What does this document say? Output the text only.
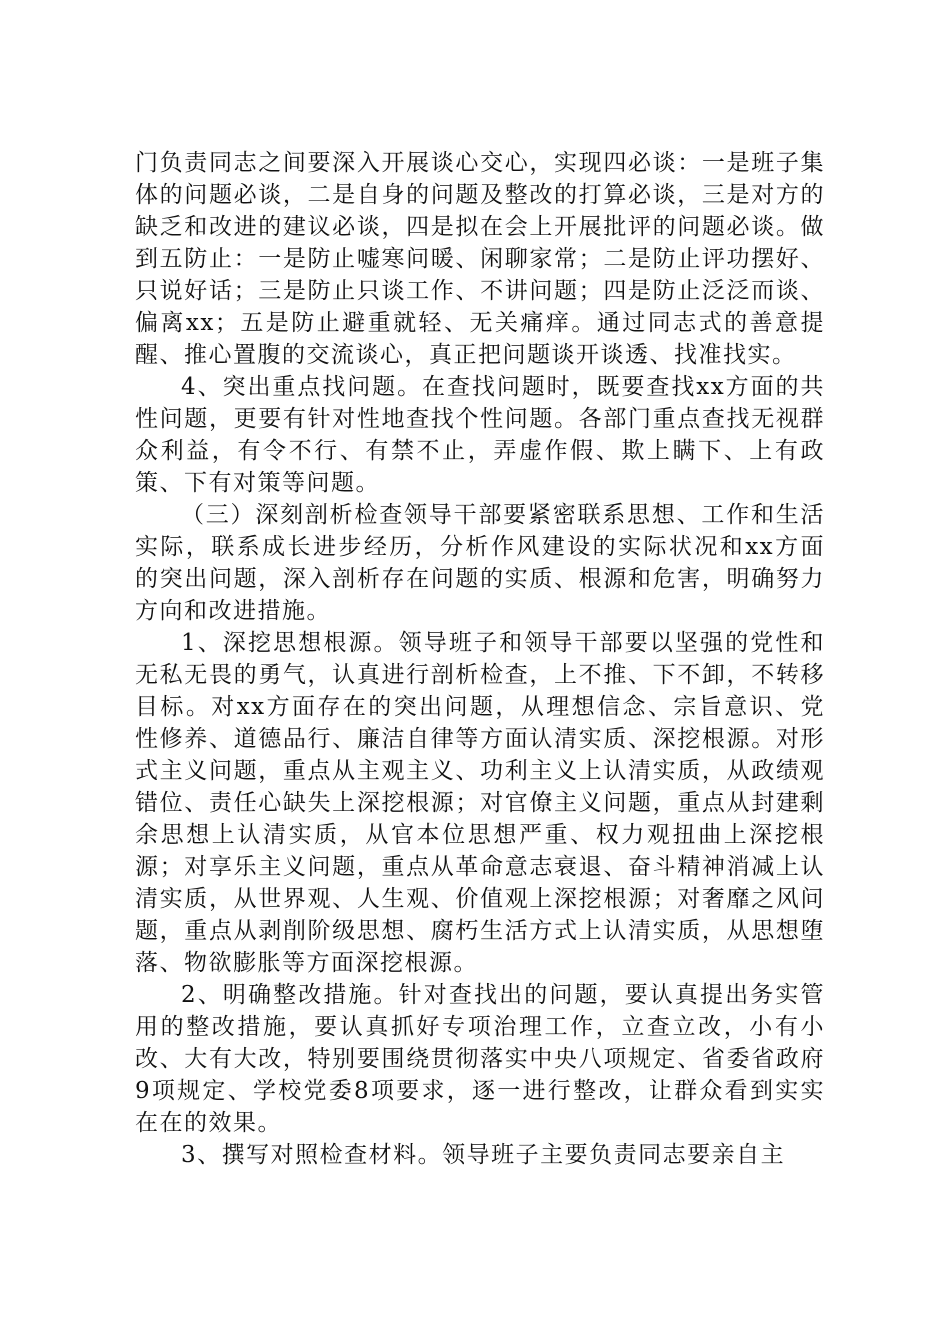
门负责同志之间要深入开展谈心交心，实现四必谈：一是班子集体的问题必谈，二是自身的问题及整改的打算必谈，三是对方的缺乏和改进的建议必谈，四是拟在会上开展批评的问题必谈。做到五防止：一是防止嘘寒问暖、闲聊家常；二是防止评功摆好、只说好话；三是防止只谈工作、不讲问题；四是防止泛泛而谈、偏离xx；五是防止避重就轻、无关痛痒。通过同志式的善意提醒、推心置腹的交流谈心，真正把问题谈开谈透、找准找实。

4、突出重点找问题。在查找问题时，既要查找xx方面的共性问题，更要有针对性地查找个性问题。各部门重点查找无视群众利益，有令不行、有禁不止，弄虚作假、欺上瞒下、上有政策、下有对策等问题。

（三）深刻剖析检查领导干部要紧密联系思想、工作和生活实际，联系成长进步经历，分析作风建设的实际状况和xx方面的突出问题，深入剖析存在问题的实质、根源和危害，明确努力方向和改进措施。

1、深挖思想根源。领导班子和领导干部要以坚强的党性和无私无畏的勇气，认真进行剖析检查，上不推、下不卸，不转移目标。对xx方面存在的突出问题，从理想信念、宗旨意识、党性修养、道德品行、廉洁自律等方面认清实质、深挖根源。对形式主义问题，重点从主观主义、功利主义上认清实质，从政绩观错位、责任心缺失上深挖根源；对官僚主义问题，重点从封建剩余思想上认清实质，从官本位思想严重、权力观扭曲上深挖根源；对享乐主义问题，重点从革命意志衰退、奋斗精神消减上认清实质，从世界观、人生观、价值观上深挖根源；对奢靡之风问题，重点从剥削阶级思想、腐朽生活方式上认清实质，从思想堕落、物欲膨胀等方面深挖根源。

2、明确整改措施。针对查找出的问题，要认真提出务实管用的整改措施，要认真抓好专项治理工作，立查立改，小有小改、大有大改，特别要围绕贯彻落实中央八项规定、省委省政府9项规定、学校党委8项要求，逐一进行整改，让群众看到实实在在的效果。

3、撰写对照检查材料。领导班子主要负责同志要亲自主
